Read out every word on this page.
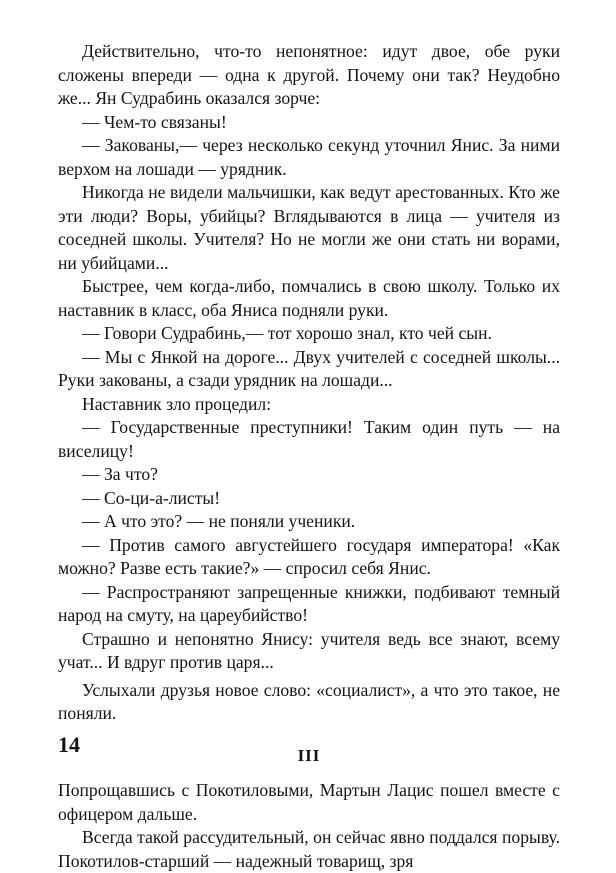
Действительно, что-то непонятное: идут двое, обе руки сложены впереди — одна к другой. Почему они так? Неудобно же... Ян Судрабинь оказался зорче:

— Чем-то связаны!

— Закованы,— через несколько секунд уточнил Янис. За ними верхом на лошади — урядник.

Никогда не видели мальчишки, как ведут арестованных. Кто же эти люди? Воры, убийцы? Вглядываются в лица — учителя из соседней школы. Учителя? Но не могли же они стать ни ворами, ни убийцами...

Быстрее, чем когда-либо, помчались в свою школу. Только их наставник в класс, оба Яниса подняли руки.

— Говори Судрабинь,— тот хорошо знал, кто чей сын.

— Мы с Янкой на дороге... Двух учителей с соседней школы... Руки закованы, а сзади урядник на лошади...

Наставник зло процедил:

— Государственные преступники! Таким один путь — на виселицу!

— За что?

— Со-ци-а-листы!

— А что это? — не поняли ученики.

— Против самого августейшего государя императора! «Как можно? Разве есть такие?» — спросил себя Янис.

— Распространяют запрещенные книжки, подбивают темный народ на смуту, на цареубийство!

Страшно и непонятно Янису: учителя ведь все знают, всему учат... И вдруг против царя...

Услыхали друзья новое слово: «социалист», а что это такое, не поняли.

III

Попрощавшись с Покотиловыми, Мартын Лацис пошел вместе с офицером дальше.

Всегда такой рассудительный, он сейчас явно поддался порыву. Покотилов-старший — надежный товарищ, зря

14
